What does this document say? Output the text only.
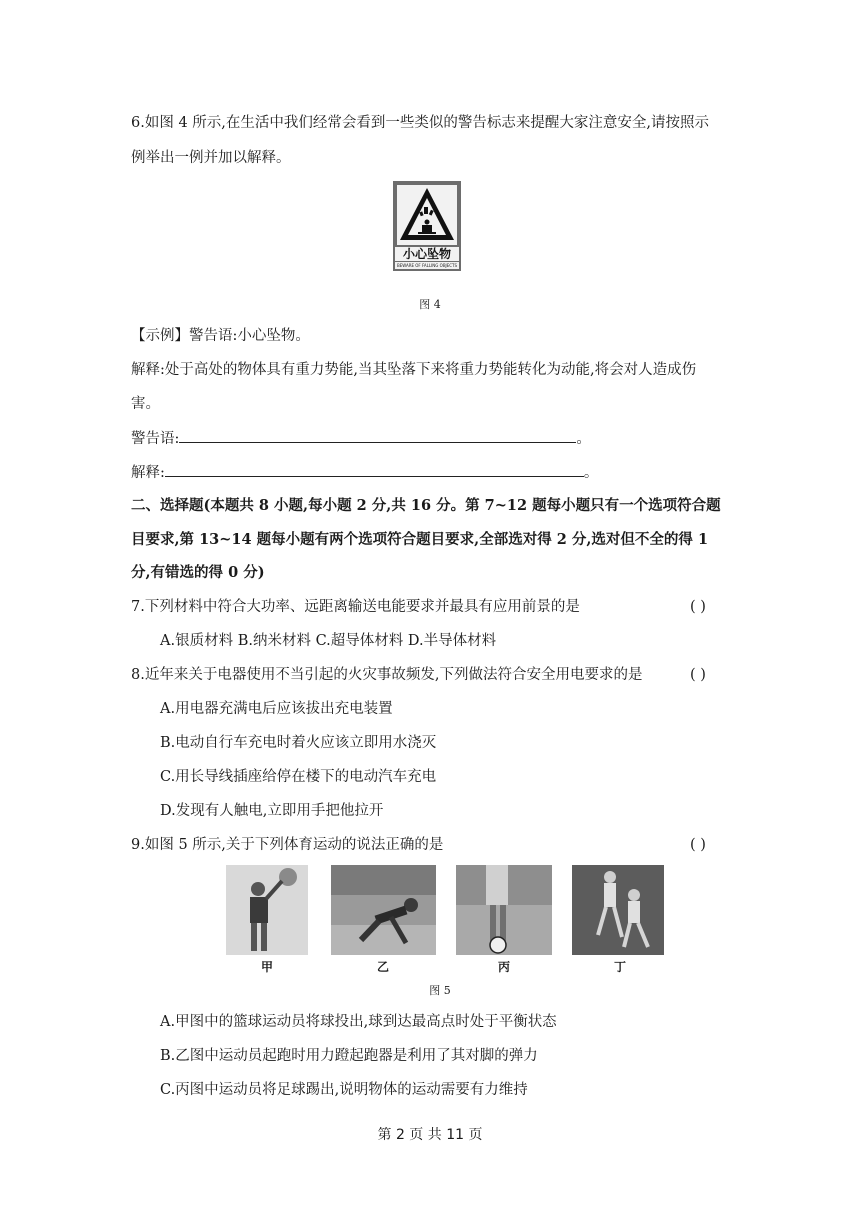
6.如图 4 所示,在生活中我们经常会看到一些类似的警告标志来提醒大家注意安全,请按照示
例举出一例并加以解释。
小心坠物
BEWARE OF FALLING OBJECTS
图 4
【示例】警告语:小心坠物。
解释:处于高处的物体具有重力势能,当其坠落下来将重力势能转化为动能,将会对人造成伤
害。
警告语:	。
解释:	。
二、选择题(本题共 8 小题,每小题 2 分,共 16 分。第 7~12 题每小题只有一个选项符合题
目要求,第 13~14 题每小题有两个选项符合题目要求,全部选对得 2 分,选对但不全的得 1
分,有错选的得 0 分)
7.下列材料中符合大功率、远距离输送电能要求并最具有应用前景的是	( )
A.银质材料 B.纳米材料 C.超导体材料 D.半导体材料
8.近年来关于电器使用不当引起的火灾事故频发,下列做法符合安全用电要求的是	( )
A.用电器充满电后应该拔出充电装置
B.电动自行车充电时着火应该立即用水浇灭
C.用长导线插座给停在楼下的电动汽车充电
D.发现有人触电,立即用手把他拉开
9.如图 5 所示,关于下列体育运动的说法正确的是	( )
甲	乙	丙	丁
图 5
A.甲图中的篮球运动员将球投出,球到达最高点时处于平衡状态
B.乙图中运动员起跑时用力蹬起跑器是利用了其对脚的弹力
C.丙图中运动员将足球踢出,说明物体的运动需要有力维持
第 2 页 共 11 页
